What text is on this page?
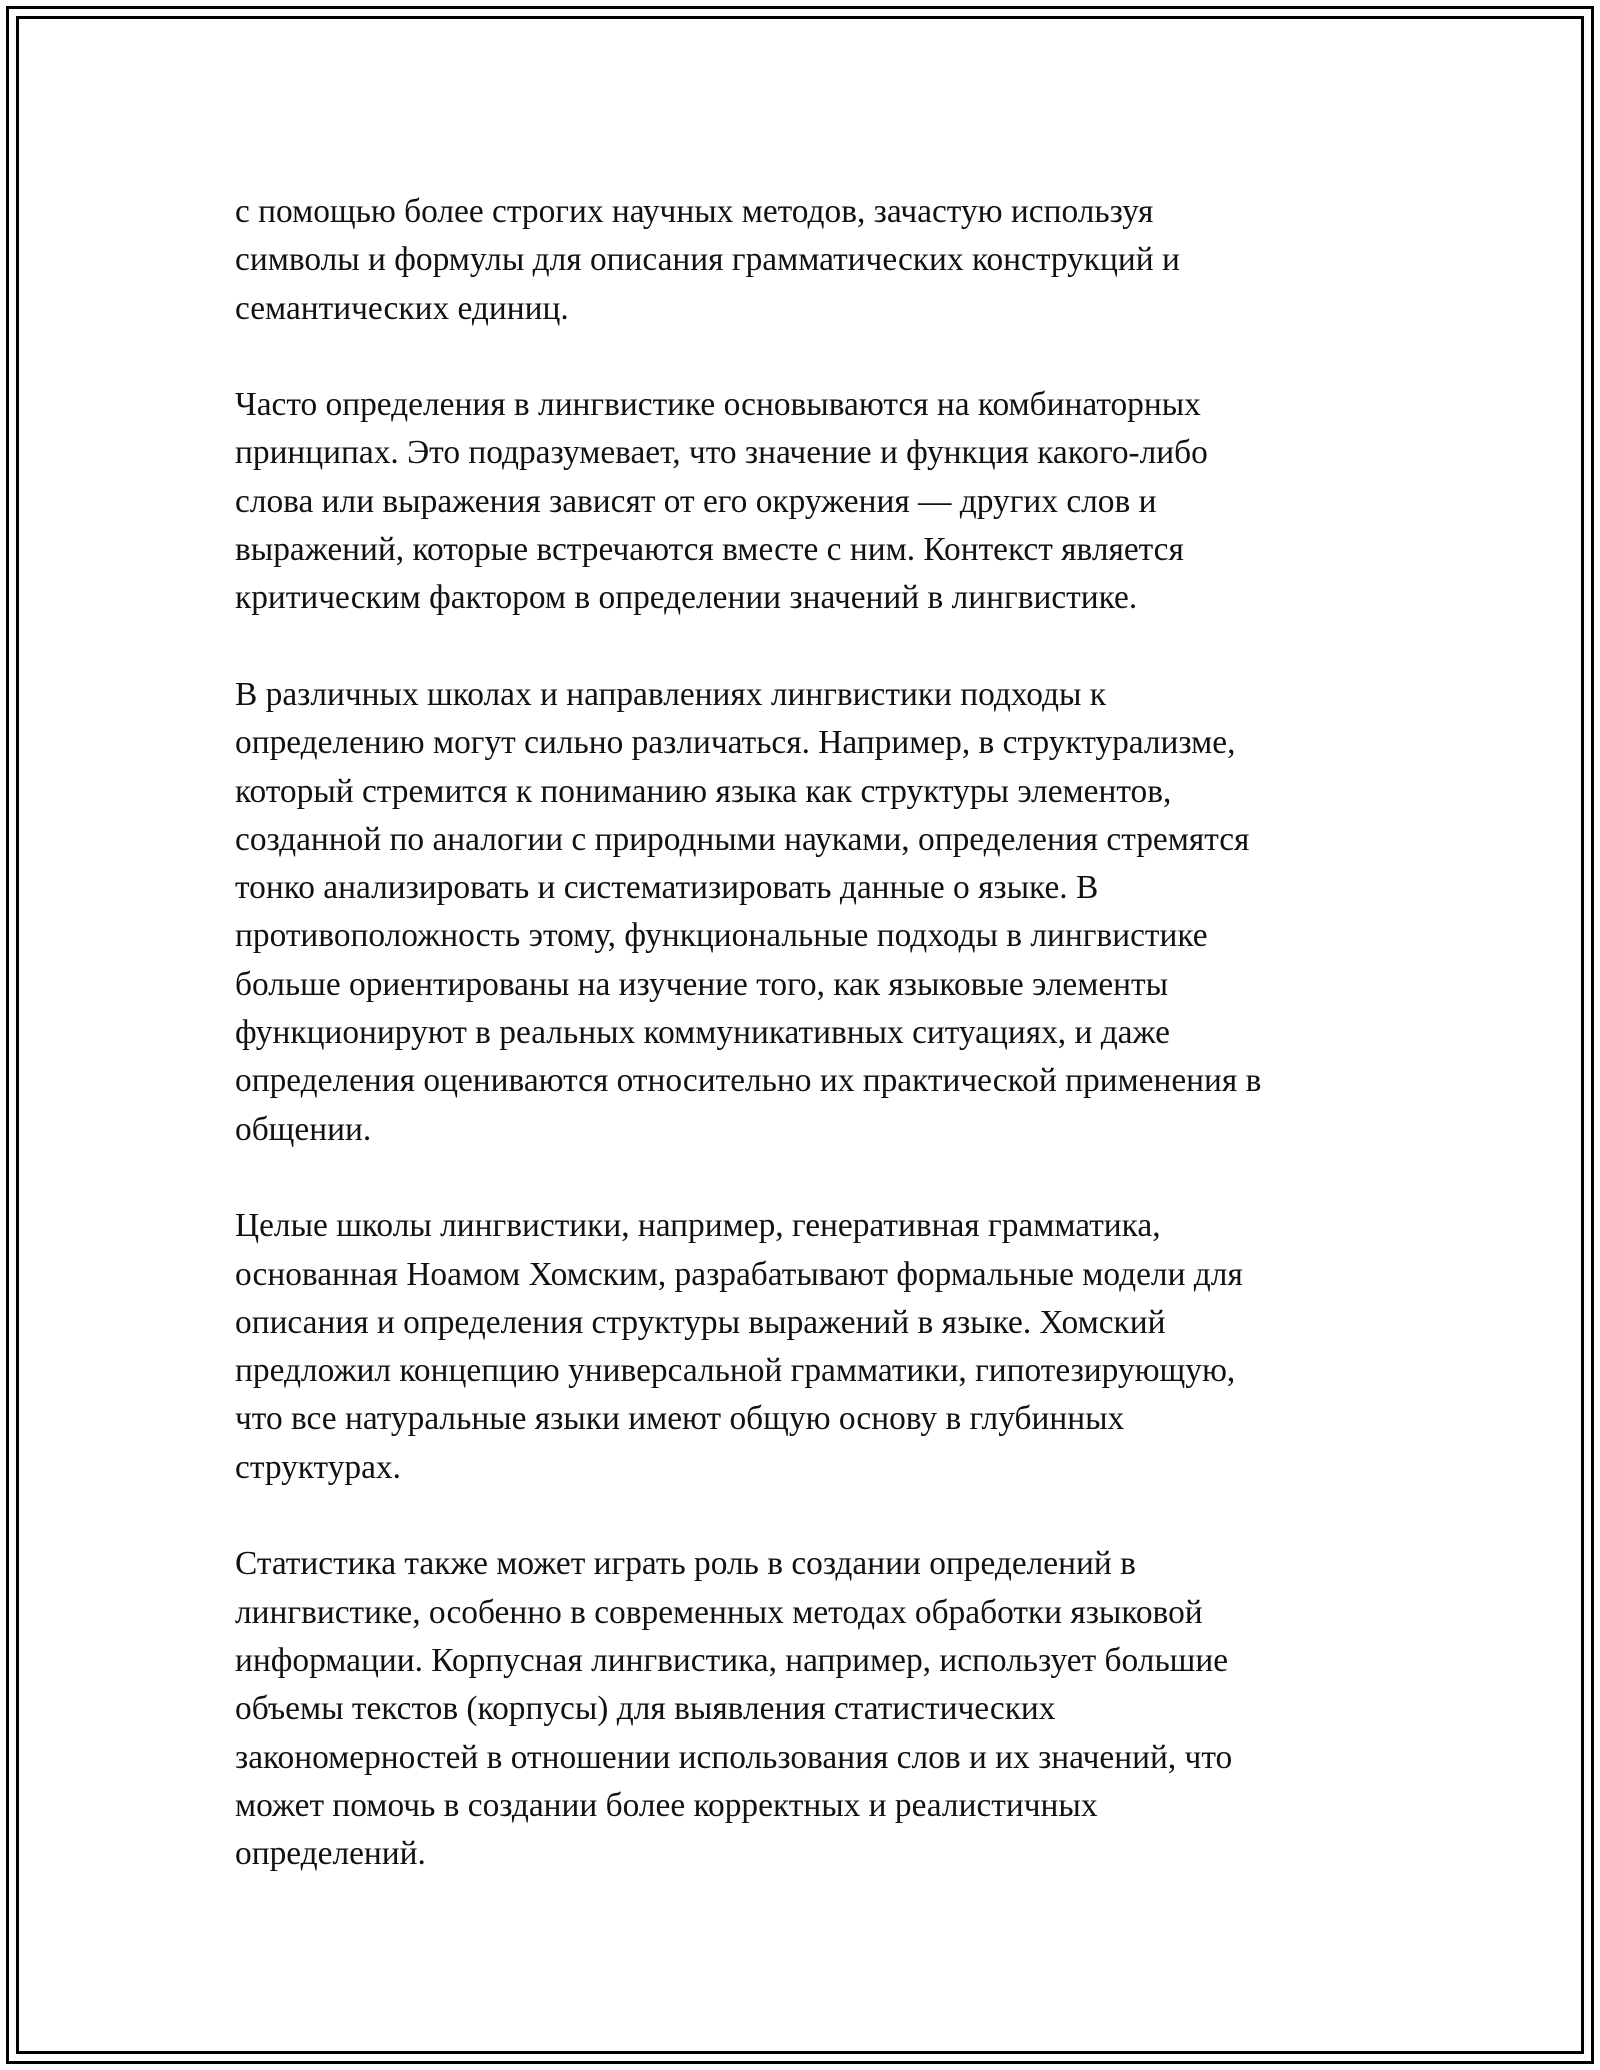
с помощью более строгих научных методов, зачастую используя
символы и формулы для описания грамматических конструкций и
семантических единиц.

Часто определения в лингвистике основываются на комбинаторных
принципах. Это подразумевает, что значение и функция какого-либо
слова или выражения зависят от его окружения — других слов и
выражений, которые встречаются вместе с ним. Контекст является
критическим фактором в определении значений в лингвистике.

В различных школах и направлениях лингвистики подходы к
определению могут сильно различаться. Например, в структурализме,
который стремится к пониманию языка как структуры элементов,
созданной по аналогии с природными науками, определения стремятся
тонко анализировать и систематизировать данные о языке. В
противоположность этому, функциональные подходы в лингвистике
больше ориентированы на изучение того, как языковые элементы
функционируют в реальных коммуникативных ситуациях, и даже
определения оцениваются относительно их практической применения в
общении.

Целые школы лингвистики, например, генеративная грамматика,
основанная Ноамом Хомским, разрабатывают формальные модели для
описания и определения структуры выражений в языке. Хомский
предложил концепцию универсальной грамматики, гипотезирующую,
что все натуральные языки имеют общую основу в глубинных
структурах.

Статистика также может играть роль в создании определений в
лингвистике, особенно в современных методах обработки языковой
информации. Корпусная лингвистика, например, использует большие
объемы текстов (корпусы) для выявления статистических
закономерностей в отношении использования слов и их значений, что
может помочь в создании более корректных и реалистичных
определений.
